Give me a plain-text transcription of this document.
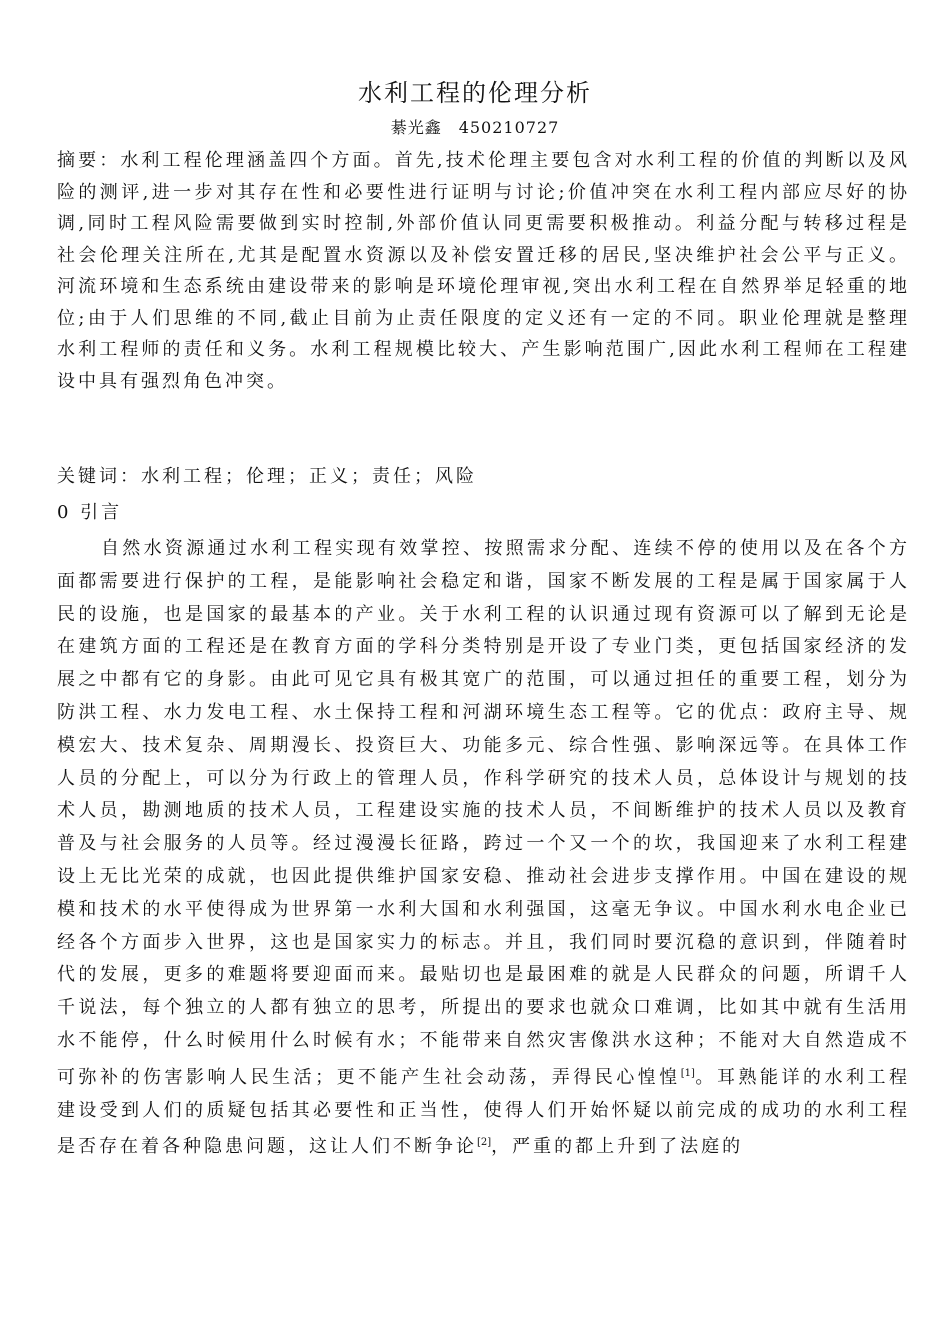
水利工程的伦理分析
綦光鑫　450210727

摘要：水利工程伦理涵盖四个方面。首先,技术伦理主要包含对水利工程的价值的判断以及风险的测评,进一步对其存在性和必要性进行证明与讨论;价值冲突在水利工程内部应尽好的协调,同时工程风险需要做到实时控制,外部价值认同更需要积极推动。利益分配与转移过程是社会伦理关注所在,尤其是配置水资源以及补偿安置迁移的居民,坚决维护社会公平与正义。河流环境和生态系统由建设带来的影响是环境伦理审视,突出水利工程在自然界举足轻重的地位;由于人们思维的不同,截止目前为止责任限度的定义还有一定的不同。职业伦理就是整理水利工程师的责任和义务。水利工程规模比较大、产生影响范围广,因此水利工程师在工程建设中具有强烈角色冲突。

关键词：水利工程；伦理；正义；责任；风险

0 引言

自然水资源通过水利工程实现有效掌控、按照需求分配、连续不停的使用以及在各个方面都需要进行保护的工程，是能影响社会稳定和谐，国家不断发展的工程是属于国家属于人民的设施，也是国家的最基本的产业。关于水利工程的认识通过现有资源可以了解到无论是在建筑方面的工程还是在教育方面的学科分类特别是开设了专业门类，更包括国家经济的发展之中都有它的身影。由此可见它具有极其宽广的范围，可以通过担任的重要工程，划分为防洪工程、水力发电工程、水土保持工程和河湖环境生态工程等。它的优点：政府主导、规模宏大、技术复杂、周期漫长、投资巨大、功能多元、综合性强、影响深远等。在具体工作人员的分配上，可以分为行政上的管理人员，作科学研究的技术人员，总体设计与规划的技术人员，勘测地质的技术人员，工程建设实施的技术人员，不间断维护的技术人员以及教育普及与社会服务的人员等。经过漫漫长征路，跨过一个又一个的坎，我国迎来了水利工程建设上无比光荣的成就，也因此提供维护国家安稳、推动社会进步支撑作用。中国在建设的规模和技术的水平使得成为世界第一水利大国和水利强国，这毫无争议。中国水利水电企业已经各个方面步入世界，这也是国家实力的标志。并且，我们同时要沉稳的意识到，伴随着时代的发展，更多的难题将要迎面而来。最贴切也是最困难的就是人民群众的问题，所谓千人千说法，每个独立的人都有独立的思考，所提出的要求也就众口难调，比如其中就有生活用水不能停，什么时候用什么时候有水；不能带来自然灾害像洪水这种；不能对大自然造成不可弥补的伤害影响人民生活；更不能产生社会动荡，弄得民心惶惶[1]。耳熟能详的水利工程建设受到人们的质疑包括其必要性和正当性，使得人们开始怀疑以前完成的成功的水利工程是否存在着各种隐患问题，这让人们不断争论[2]，严重的都上升到了法庭的
